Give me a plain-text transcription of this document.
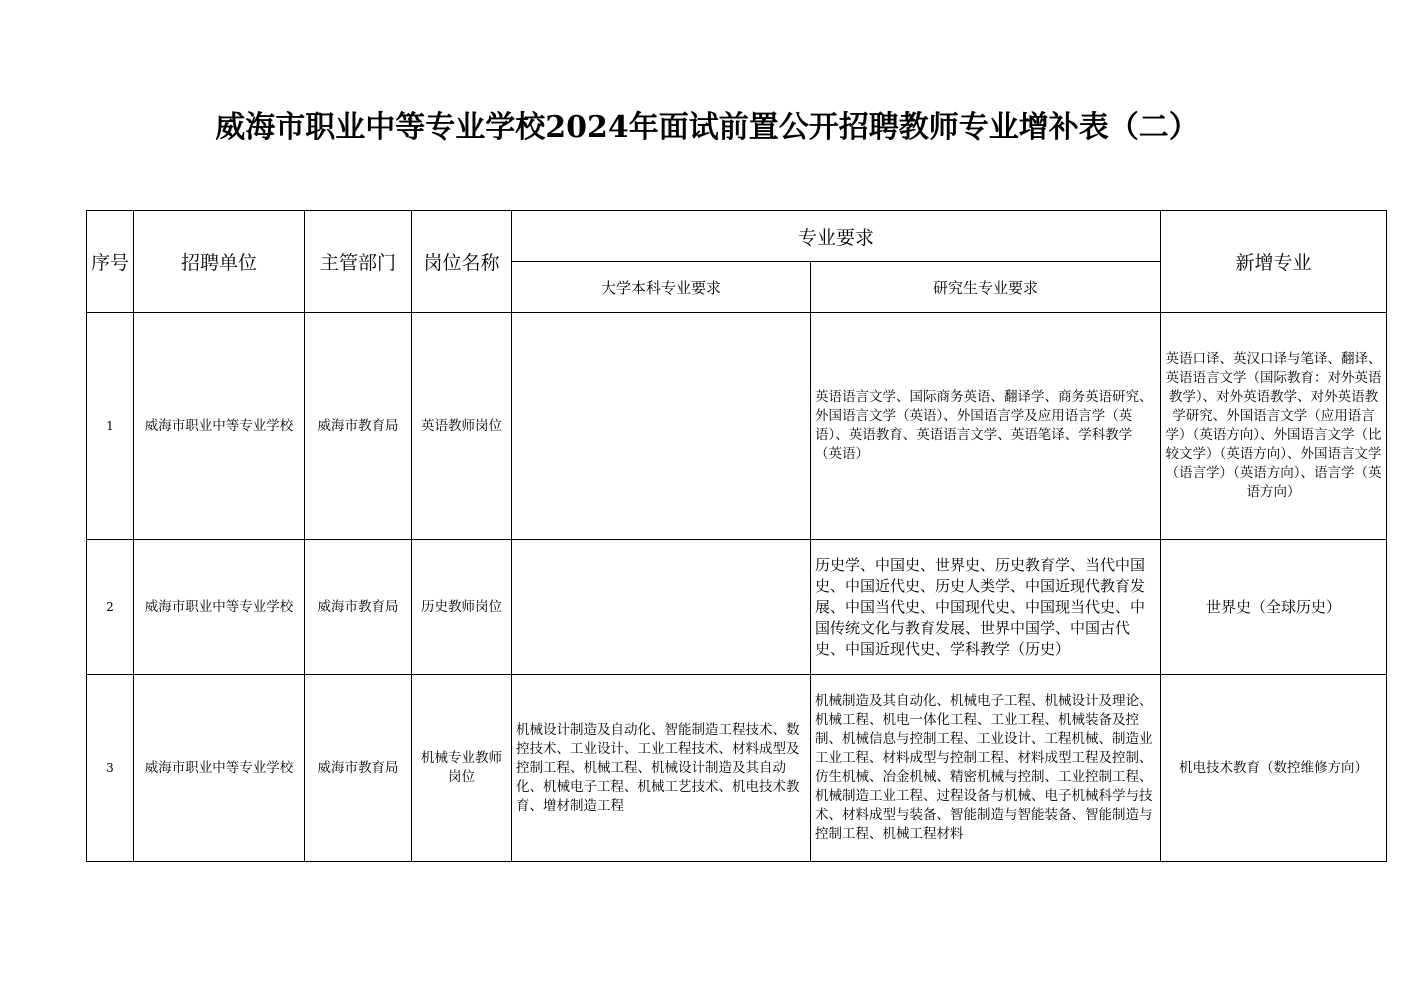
威海市职业中等专业学校2024年面试前置公开招聘教师专业增补表（二）
序号	招聘单位	主管部门	岗位名称	专业要求		新增专业
				大学本科专业要求	研究生专业要求	
1	威海市职业中等专业学校	威海市教育局	英语教师岗位		英语语言文学、国际商务英语、翻译学、商务英语研究、外国语言文学（英语）、外国语言学及应用语言学（英语）、英语教育、英语语言文学、英语笔译、学科教学（英语）	英语口译、英汉口译与笔译、翻译、英语语言文学（国际教育：对外英语教学）、对外英语教学、对外英语教学研究、外国语言文学（应用语言学）（英语方向）、外国语言文学（比较文学）（英语方向）、外国语言文学（语言学）（英语方向）、语言学（英语方向）
2	威海市职业中等专业学校	威海市教育局	历史教师岗位		历史学、中国史、世界史、历史教育学、当代中国史、中国近代史、历史人类学、中国近现代教育发展、中国当代史、中国现代史、中国现当代史、中国传统文化与教育发展、世界中国学、中国古代史、中国近现代史、学科教学（历史）	世界史（全球历史）
3	威海市职业中等专业学校	威海市教育局	机械专业教师岗位	机械设计制造及自动化、智能制造工程技术、数控技术、工业设计、工业工程技术、材料成型及控制工程、机械工程、机械设计制造及其自动化、机械电子工程、机械工艺技术、机电技术教育、增材制造工程	机械制造及其自动化、机械电子工程、机械设计及理论、机械工程、机电一体化工程、工业工程、机械装备及控制、机械信息与控制工程、工业设计、工程机械、制造业工业工程、材料成型与控制工程、材料成型工程及控制、仿生机械、冶金机械、精密机械与控制、工业控制工程、机械制造工业工程、过程设备与机械、电子机械科学与技术、材料成型与装备、智能制造与智能装备、智能制造与控制工程、机械工程材料	机电技术教育（数控维修方向）
